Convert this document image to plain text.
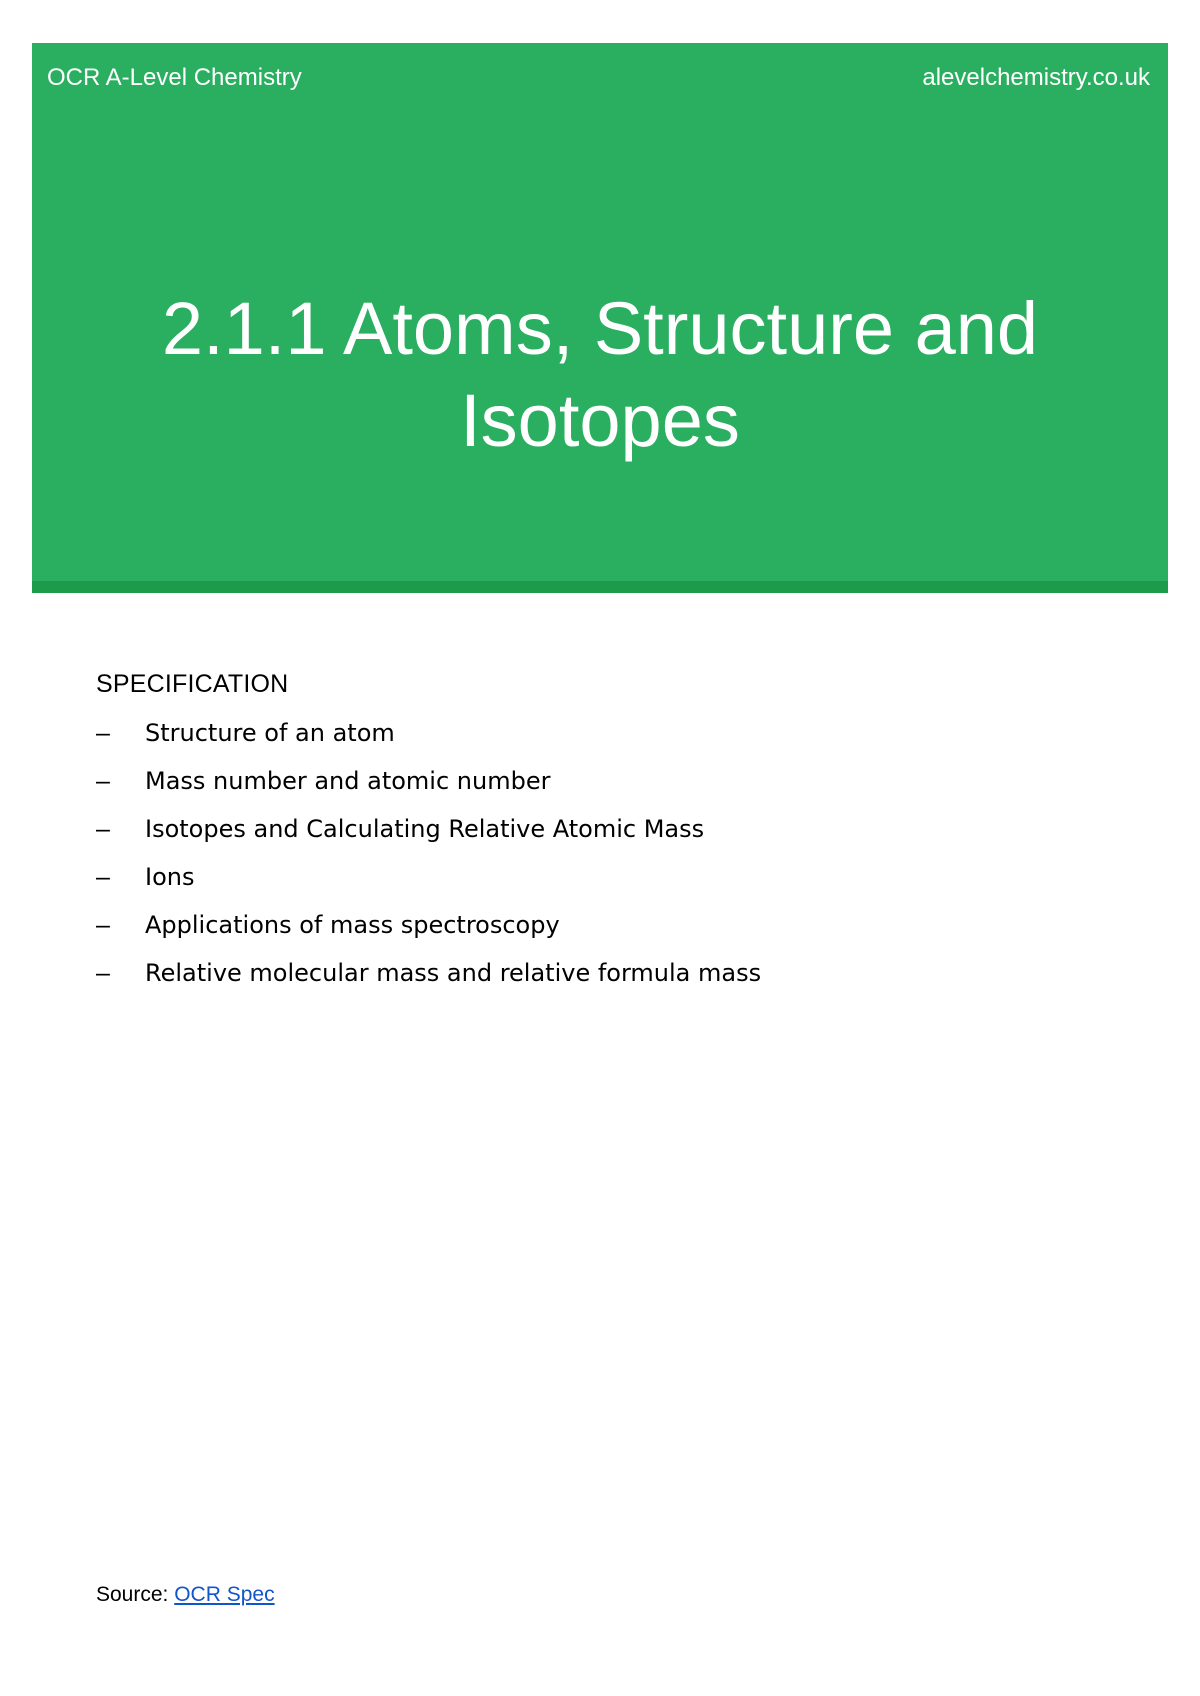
OCR A-Level Chemistry	alevelchemistry.co.uk
2.1.1 Atoms, Structure and
Isotopes
SPECIFICATION
– Structure of an atom
– Mass number and atomic number
– Isotopes and Calculating Relative Atomic Mass
– Ions
– Applications of mass spectroscopy
– Relative molecular mass and relative formula mass
Source: OCR Spec
